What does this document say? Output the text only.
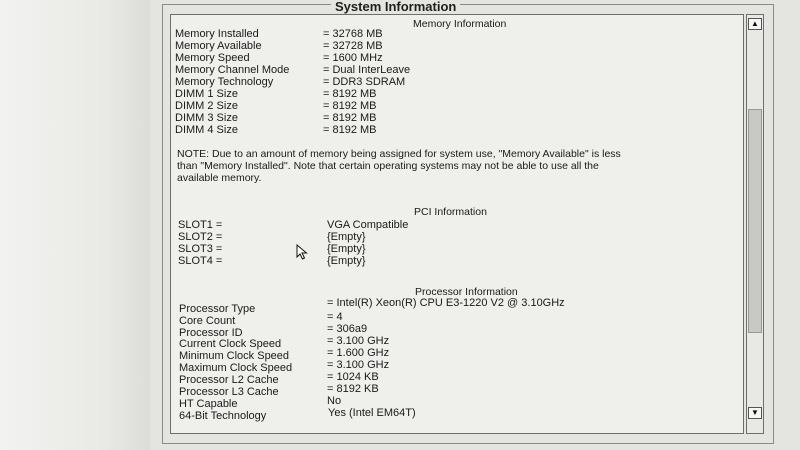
System Information
Memory Information
Memory Installed	= 32768 MB
Memory Available	= 32728 MB
Memory Speed	= 1600 MHz
Memory Channel Mode	= Dual InterLeave
Memory Technology	= DDR3 SDRAM
DIMM 1 Size	= 8192 MB
DIMM 2 Size	= 8192 MB
DIMM 3 Size	= 8192 MB
DIMM 4 Size	= 8192 MB
NOTE: Due to an amount of memory being assigned for system use, "Memory Available" is less
than "Memory Installed". Note that certain operating systems may not be able to use all the
available memory.
PCI Information
SLOT1 =	VGA Compatible
SLOT2 =	{Empty}
SLOT3 =	{Empty}
SLOT4 =	{Empty}
Processor Information
Processor Type	= Intel(R) Xeon(R) CPU E3-1220 V2 @ 3.10GHz
Core Count	= 4
Processor ID	= 306a9
Current Clock Speed	= 3.100 GHz
Minimum Clock Speed	= 1.600 GHz
Maximum Clock Speed	= 3.100 GHz
Processor L2 Cache	= 1024 KB
Processor L3 Cache	= 8192 KB
HT Capable	No
64-Bit Technology	Yes (Intel EM64T)
▲
▼
